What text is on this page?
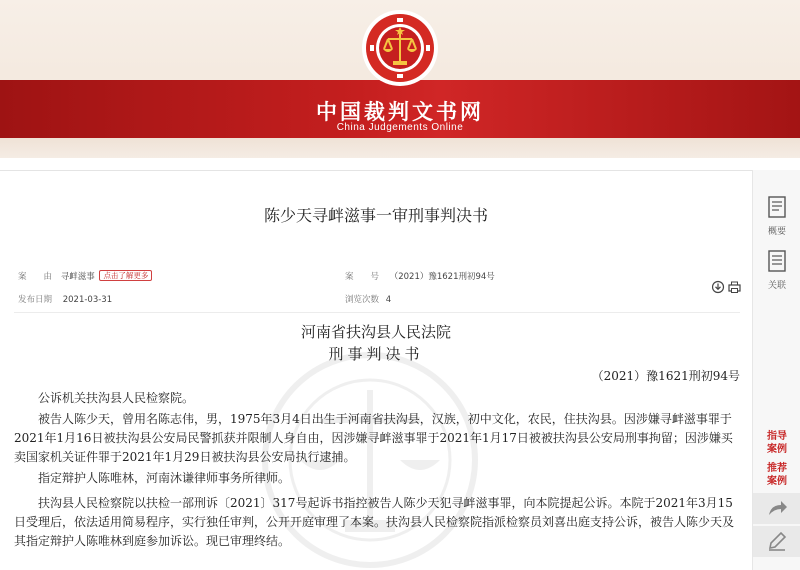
中国裁判文书网
China Judgements Online
陈少天寻衅滋事一审刑事判决书
案　　由 寻衅滋事 点击了解更多	案　　号 （2021）豫1621刑初94号
发布日期 2021-03-31	浏览次数 4
河南省扶沟县人民法院
刑事判决书
（2021）豫1621刑初94号
公诉机关扶沟县人民检察院。
被告人陈少天，曾用名陈志伟，男，1975年3月4日出生于河南省扶沟县，汉族，初中文化，农民，住扶沟县。因涉嫌寻衅滋事罪于2021年1月16日被扶沟县公安局民警抓获并限制人身自由，因涉嫌寻衅滋事罪于2021年1月17日被被扶沟县公安局刑事拘留；因涉嫌买卖国家机关证件罪于2021年1月29日被扶沟县公安局执行逮捕。
指定辩护人陈唯林，河南沐谦律师事务所律师。
扶沟县人民检察院以扶检一部刑诉〔2021〕317号起诉书指控被告人陈少天犯寻衅滋事罪，向本院提起公诉。本院于2021年3月15日受理后，依法适用简易程序，实行独任审判，公开开庭审理了本案。扶沟县人民检察院指派检察员刘喜出庭支持公诉，被告人陈少天及其指定辩护人陈唯林到庭参加诉讼。现已审理终结。
概要
关联
指导案例
推荐案例
